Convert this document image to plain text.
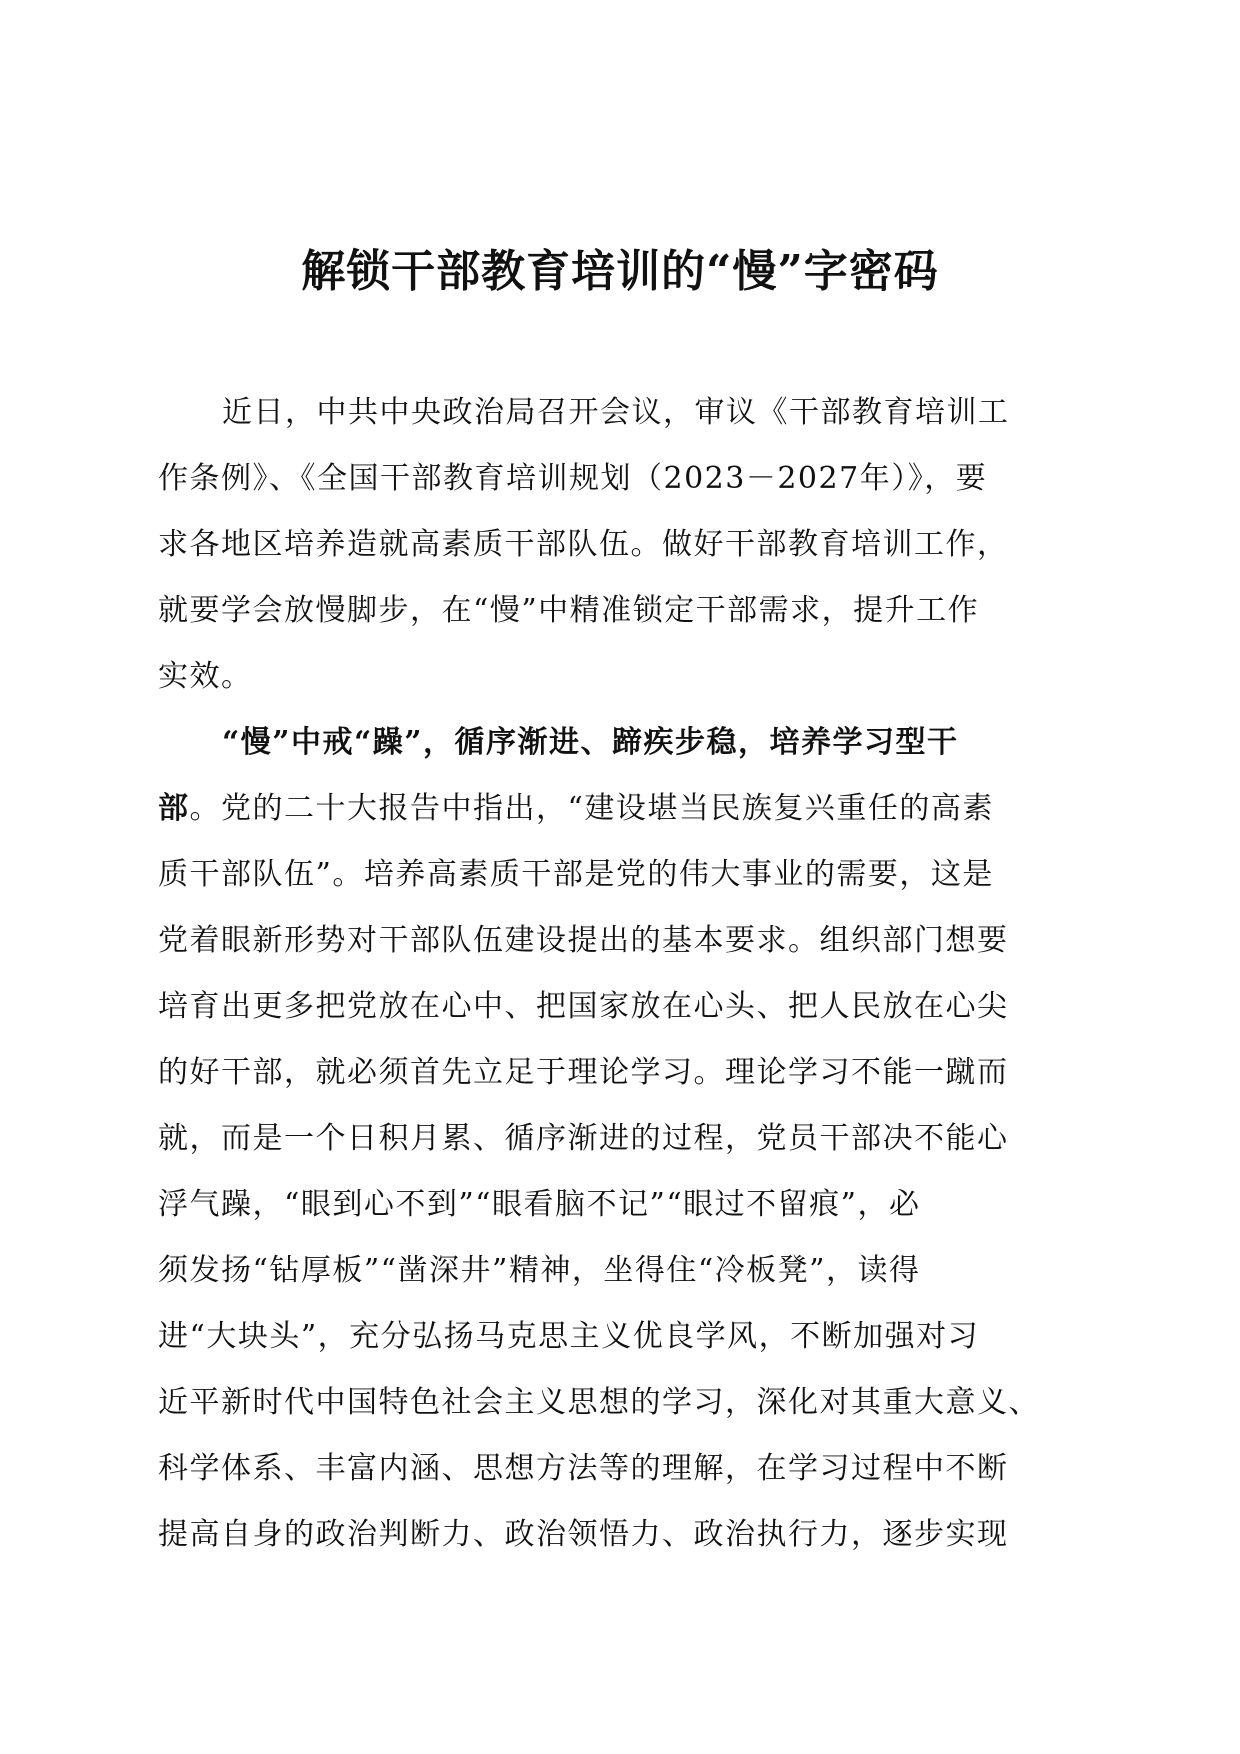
解锁干部教育培训的“慢”字密码
近日，中共中央政治局召开会议，审议《干部教育培训工
作条例》、《全国干部教育培训规划（2023－2027年）》，要
求各地区培养造就高素质干部队伍。做好干部教育培训工作，
就要学会放慢脚步，在“慢”中精准锁定干部需求，提升工作
实效。
“慢”中戒“躁”，循序渐进、蹄疾步稳，培养学习型干
部。党的二十大报告中指出，“建设堪当民族复兴重任的高素
质干部队伍”。培养高素质干部是党的伟大事业的需要，这是
党着眼新形势对干部队伍建设提出的基本要求。组织部门想要
培育出更多把党放在心中、把国家放在心头、把人民放在心尖
的好干部，就必须首先立足于理论学习。理论学习不能一蹴而
就，而是一个日积月累、循序渐进的过程，党员干部决不能心
浮气躁，“眼到心不到”“眼看脑不记”“眼过不留痕”，必
须发扬“钻厚板”“凿深井”精神，坐得住“冷板凳”，读得
进“大块头”，充分弘扬马克思主义优良学风，不断加强对习
近平新时代中国特色社会主义思想的学习，深化对其重大意义、
科学体系、丰富内涵、思想方法等的理解，在学习过程中不断
提高自身的政治判断力、政治领悟力、政治执行力，逐步实现
